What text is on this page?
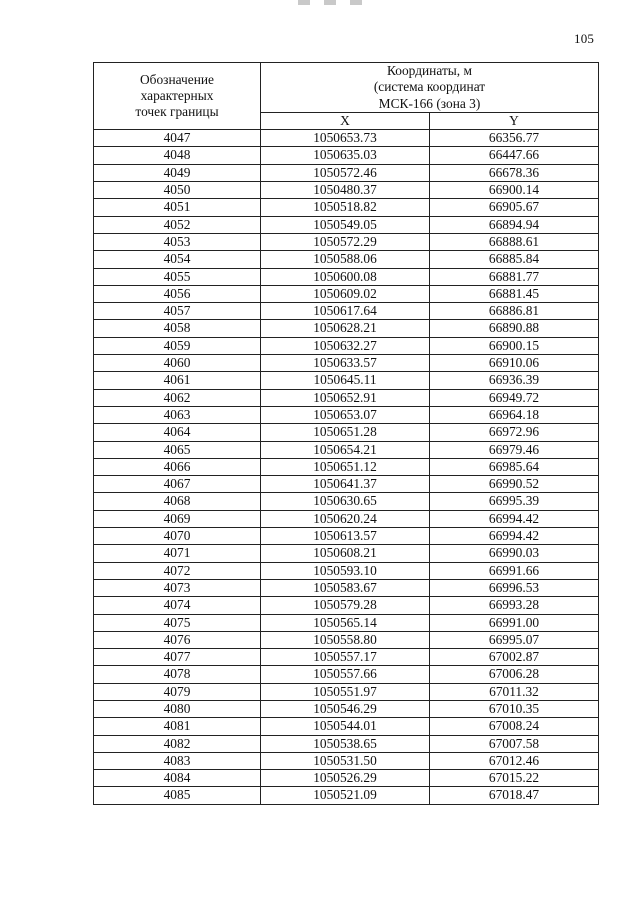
105
Обозначение
характерных
точек границы	Координаты, м
(система координат
МСК-166 (зона 3)	

	X	Y
4047	1050653.73	66356.77
4048	1050635.03	66447.66
4049	1050572.46	66678.36
4050	1050480.37	66900.14
4051	1050518.82	66905.67
4052	1050549.05	66894.94
4053	1050572.29	66888.61
4054	1050588.06	66885.84
4055	1050600.08	66881.77
4056	1050609.02	66881.45
4057	1050617.64	66886.81
4058	1050628.21	66890.88
4059	1050632.27	66900.15
4060	1050633.57	66910.06
4061	1050645.11	66936.39
4062	1050652.91	66949.72
4063	1050653.07	66964.18
4064	1050651.28	66972.96
4065	1050654.21	66979.46
4066	1050651.12	66985.64
4067	1050641.37	66990.52
4068	1050630.65	66995.39
4069	1050620.24	66994.42
4070	1050613.57	66994.42
4071	1050608.21	66990.03
4072	1050593.10	66991.66
4073	1050583.67	66996.53
4074	1050579.28	66993.28
4075	1050565.14	66991.00
4076	1050558.80	66995.07
4077	1050557.17	67002.87
4078	1050557.66	67006.28
4079	1050551.97	67011.32
4080	1050546.29	67010.35
4081	1050544.01	67008.24
4082	1050538.65	67007.58
4083	1050531.50	67012.46
4084	1050526.29	67015.22
4085	1050521.09	67018.47
